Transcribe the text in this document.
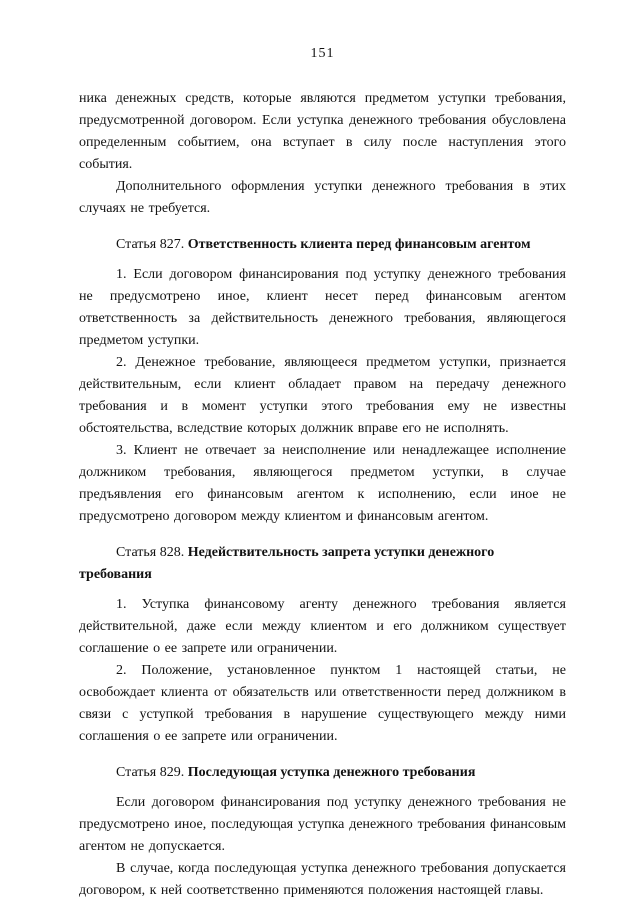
151

ника денежных средств, которые являются предметом уступки требования, предусмотренной договором. Если уступка денежного требования обусловлена определенным событием, она вступает в силу после наступления этого события.

Дополнительного оформления уступки денежного требования в этих случаях не требуется.

Статья 827. Ответственность клиента перед финансовым агентом

1. Если договором финансирования под уступку денежного требования не предусмотрено иное, клиент несет перед финансовым агентом ответственность за действительность денежного требования, являющегося предметом уступки.

2. Денежное требование, являющееся предметом уступки, признается действительным, если клиент обладает правом на передачу денежного требования и в момент уступки этого требования ему не известны обстоятельства, вследствие которых должник вправе его не исполнять.

3. Клиент не отвечает за неисполнение или ненадлежащее исполнение должником требования, являющегося предметом уступки, в случае предъявления его финансовым агентом к исполнению, если иное не предусмотрено договором между клиентом и финансовым агентом.

Статья 828. Недействительность запрета уступки денежного требования

1. Уступка финансовому агенту денежного требования является действительной, даже если между клиентом и его должником существует соглашение о ее запрете или ограничении.

2. Положение, установленное пунктом 1 настоящей статьи, не освобождает клиента от обязательств или ответственности перед должником в связи с уступкой требования в нарушение существующего между ними соглашения о ее запрете или ограничении.

Статья 829. Последующая уступка денежного требования

Если договором финансирования под уступку денежного требования не предусмотрено иное, последующая уступка денежного требования финансовым агентом не допускается.

В случае, когда последующая уступка денежного требования допускается договором, к ней соответственно применяются положения настоящей главы.
